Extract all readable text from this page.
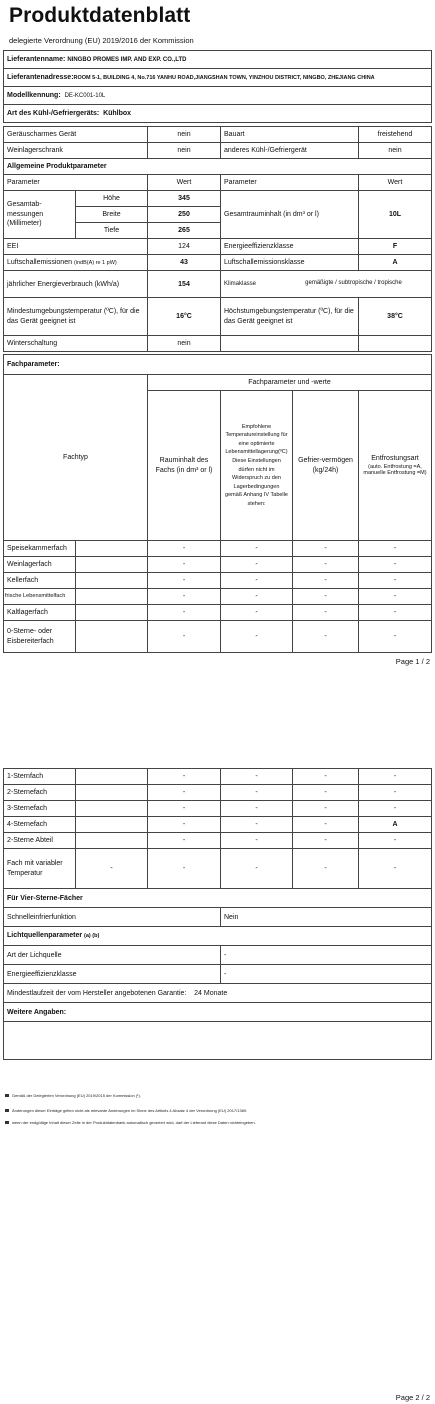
Produktdatenblatt
delegierte Verordnung (EU) 2019/2016 der Kommission
Lieferantenname: NINGBO PROMES IMP. AND EXP. CO.,LTD
Lieferantenadresse:ROOM 5-1, BUILDING 4, No.716 YANHU ROAD,JIANGSHAN TOWN, YINZHOU DISTRICT, NINGBO, ZHEJIANG CHINA
Modellkennung: DE-KC001-10L
Art des Kühl-/Gefriergeräts: Kühlbox
Geräuscharmes Gerät		nein	Bauart	freistehend
Weinlagerschrank		nein	anderes Kühl-/Gefriergerät	nein
Allgemeine Produktparameter				
Parameter		Wert	Parameter	Wert
Gesamtab-messungen (Millimeter)	Höhe	345	Gesamtrauminhalt (in dm³ or l)	10L
	Breite	250		
	Tiefe	265		
EEI		124	Energieeffizienzklasse	F
Luftschallemissionen (indB(A) re 1 pW)		43	Luftschallemissionsklasse	A
jährlicher Energieverbrauch (kWh/a)		154	Klimaklasse gemäßigte / subtropische / tropische	

Mindestumgebungstemperatur (ºC), für die das Gerät geeignet ist		16°C	Höchstumgebungstemperatur (ºC), für die das Gerät geeignet ist	38°C
Winterschaltung		nein		
Fachparameter:					
Fachtyp		Fachparameter und -werte			
		Rauminhalt des Fachs (in dm³ or l)	Empfohlene Temperatureinstellung für eine optimierte Lebensmittellagerung(ºC) Diese Einstellungen dürfen nicht im Widerspruch zu den Lagerbedingungen gemäß Anhang IV Tabelle stehen:	Gefrier-vermögen (kg/24h)	Entfrostungsart
(auto. Entfrostung =A, manuelle Entfrostung =M)

Speisekammerfach		-	-	-	-
Weinlagerfach		-	-	-	-
Kellerfach		-	-	-	-
frische Lebensmittelfach		-	-	-	-
Kaltlagerfach		-	-	-	-
0-Sterne- oder Eisbereiterfach		-	-	-	-
Page 1 / 2
1-Sternfach		-	-	-	-
2-Sternefach		-	-	-	-
3-Sternefach		-	-	-	-
4-Sternefach		-	-	-	A
2-Sterne Abteil		-	-	-	-
Fach mit variabler Temperatur	-	-	-	-	-
Für Vier-Sterne-Fächer					
Schnelleinfrierfunktion			Nein		
Lichtquellenparameter (a) (b)					
Art der Lichquelle			-		
Energieeffizienzklasse			-		
Mindestlaufzeit der vom Hersteller angebotenen Garantie: 24 Monate					
Weitere Angaben:					

Gemäß der Delegierten Verordnung (EU) 2019/2015 der Kommission (¹).
Änderungen dieser Einträge gelten nicht als relevante Änderungen im Sinne des Artikels 4 Absatz 4 der Verordnung (EU) 2017/1369.
wenn der endgültige Inhalt dieser Zeile in der Produktdatenbank automatisch generiert wird, darf der Lieferant diese Daten nichteingeben.
Page 2 / 2
